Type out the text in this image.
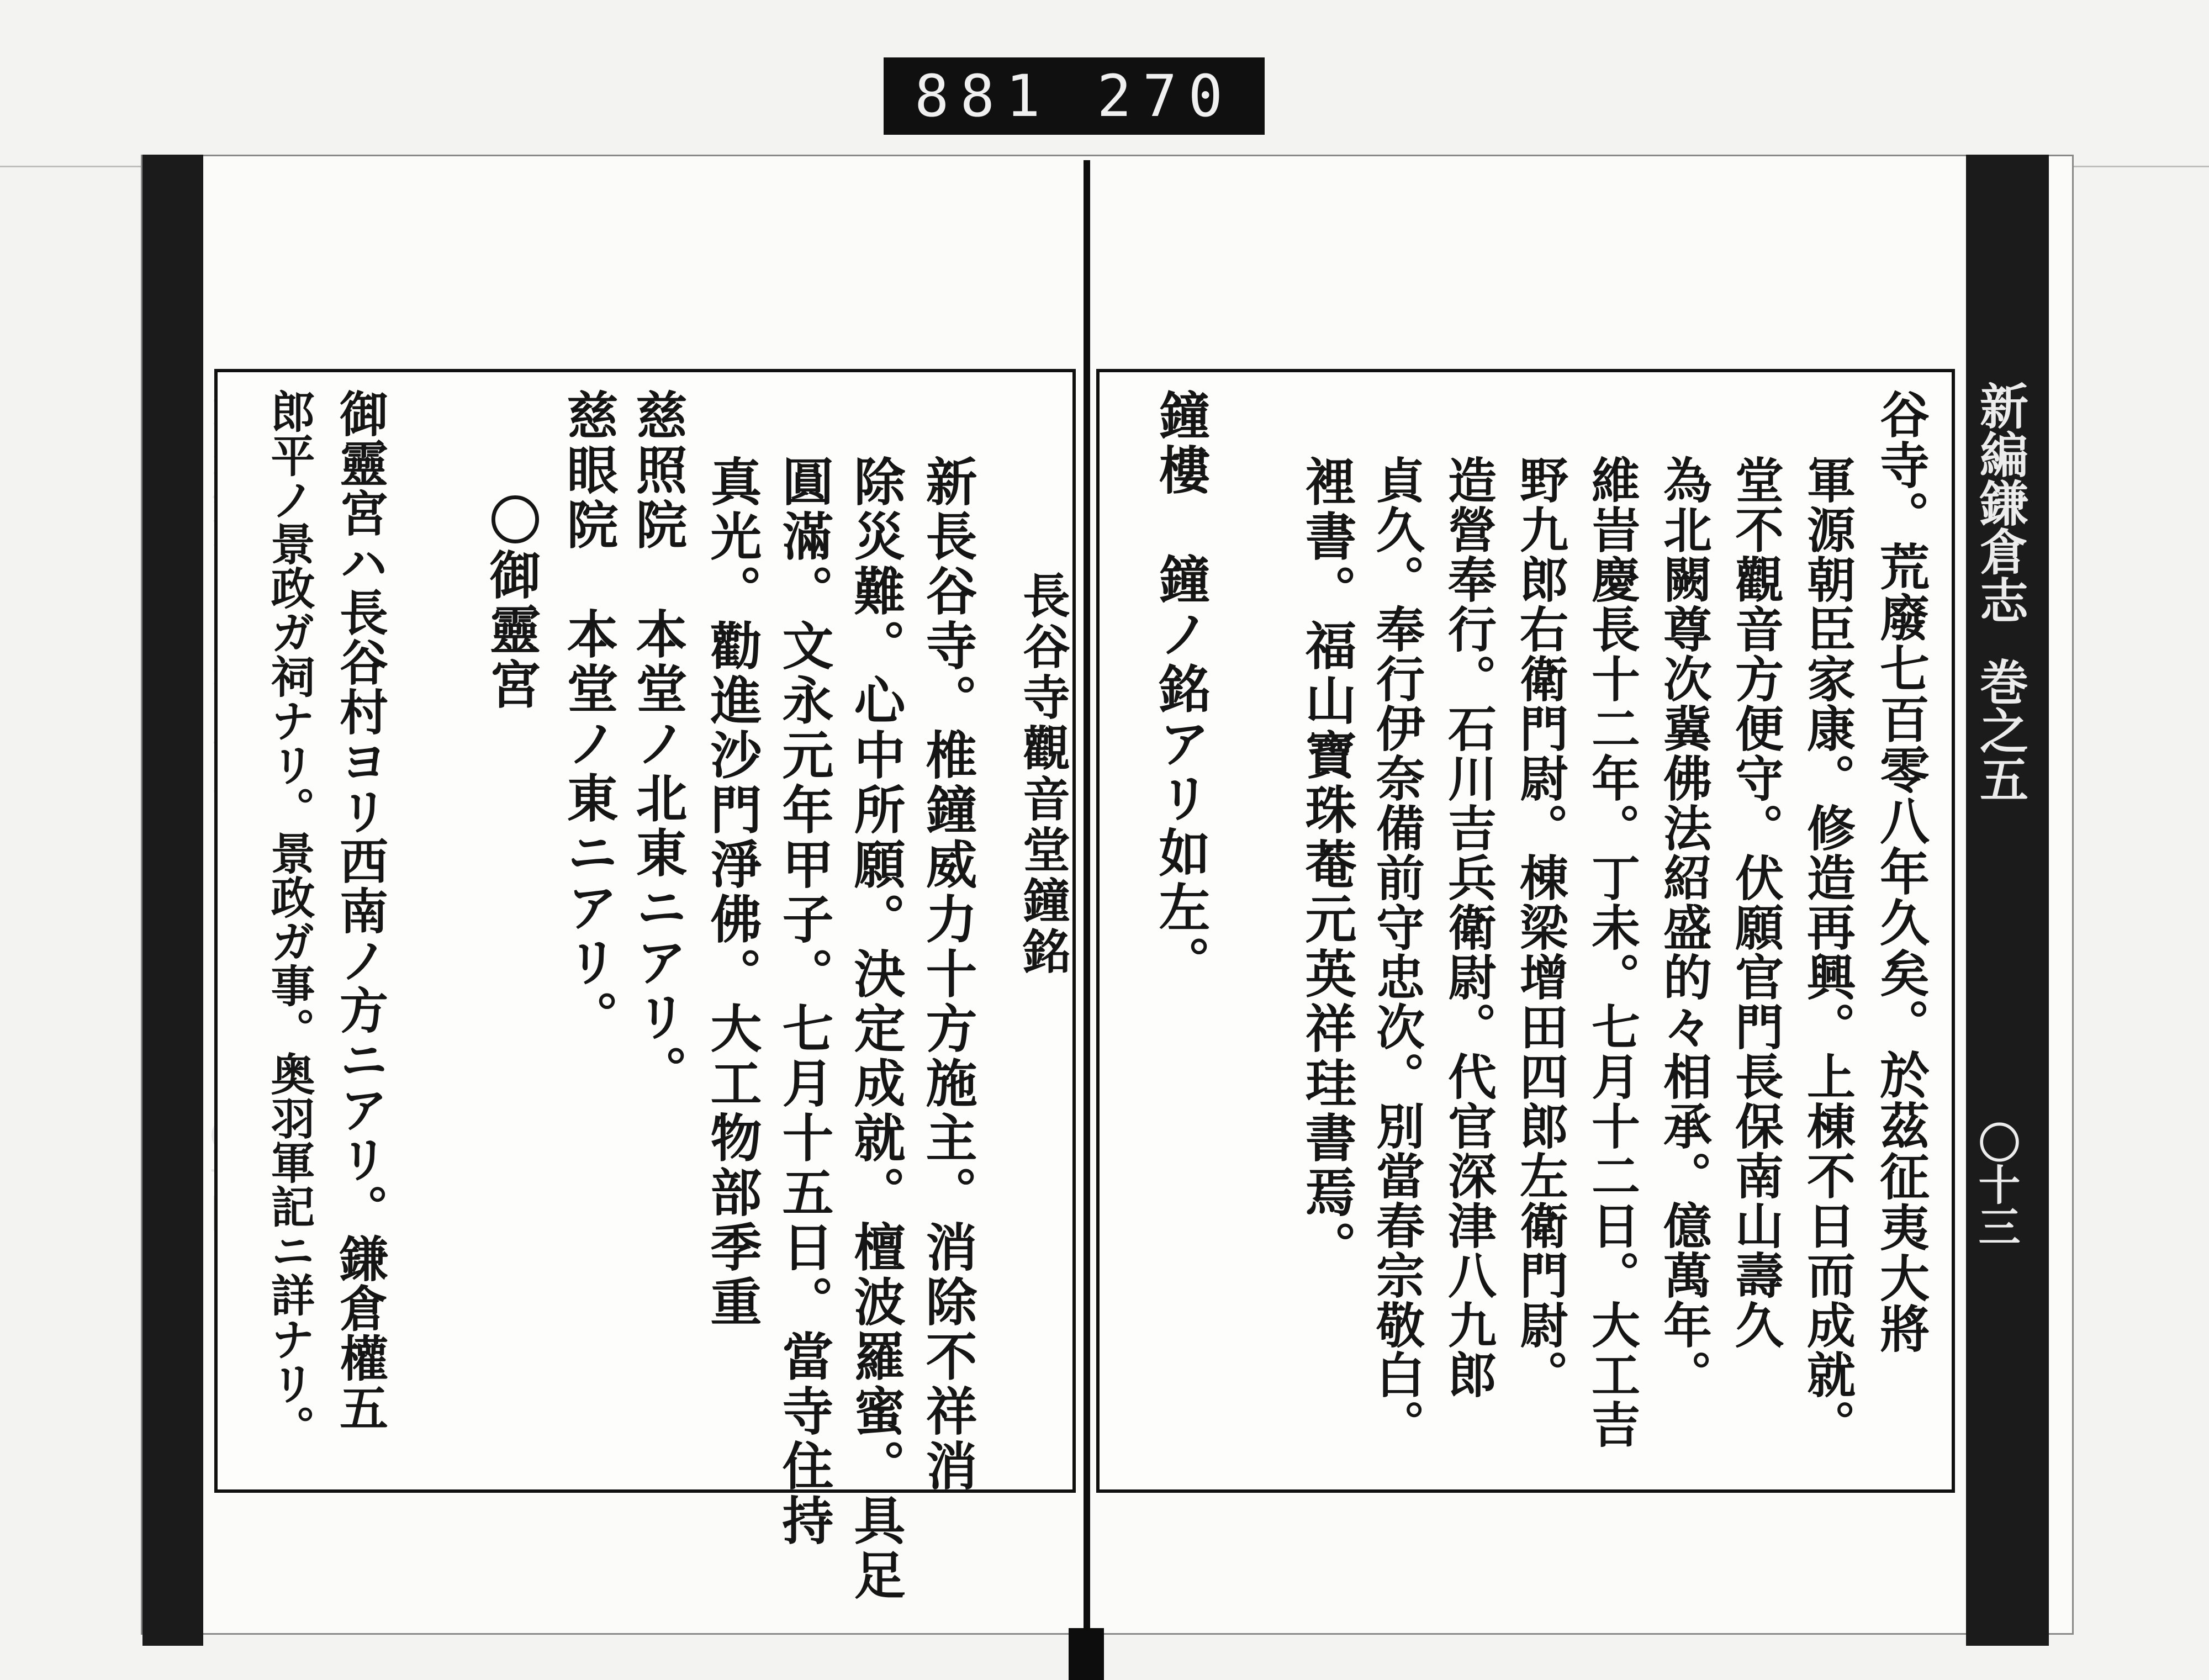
881 270
新編鎌倉志
巻之五
〇十三
長谷寺觀音堂鐘銘
新長谷寺。椎鐘威力十方施主。消除不祥消
除災難。心中所願。決定成就。檀波羅蜜。具足
圓滿。文永元年甲子。七月十五日。當寺住持
真光。勸進沙門淨佛。大工物部季重
慈照院　本堂ノ北東ニアリ。
慈眼院　本堂ノ東ニアリ。
〇御靈宮
御靈宮ハ長谷村ヨリ西南ノ方ニアリ。鎌倉權五
郎平ノ景政ガ祠ナリ。景政ガ事。奥羽軍記ニ詳ナリ。	谷寺。荒廢七百零八年久矣。於茲征夷大將
軍源朝臣家康。修造再興。上棟不日而成就。
堂不觀音方便守。伏願官門長保南山壽久
為北闕尊次冀佛法紹盛的々相承。億萬年。
維旹慶長十二年。丁未。七月十二日。大工吉
野九郎右衛門尉。棟梁增田四郎左衛門尉。
造營奉行。石川吉兵衛尉。代官深津八九郎
貞久。奉行伊奈備前守忠次。別當春宗敬白。
裡書。福山寶珠菴元英祥珪書焉。
鐘樓　鐘ノ銘アリ如左。
